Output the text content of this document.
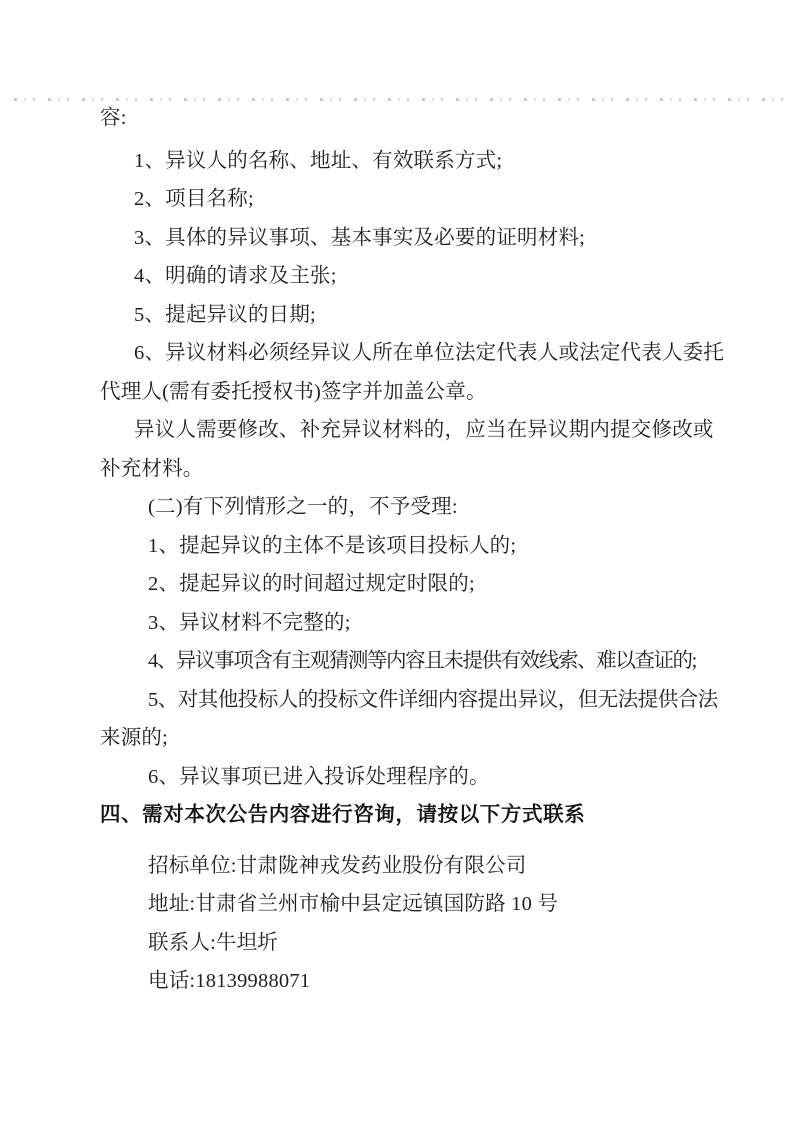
容:
1、异议人的名称、地址、有效联系方式;
2、项目名称;
3、具体的异议事项、基本事实及必要的证明材料;
4、明确的请求及主张;
5、提起异议的日期;
6、异议材料必须经异议人所在单位法定代表人或法定代表人委托
代理人(需有委托授权书)签字并加盖公章。
异议人需要修改、补充异议材料的，应当在异议期内提交修改或
补充材料。
(二)有下列情形之一的，不予受理:
1、提起异议的主体不是该项目投标人的;
2、提起异议的时间超过规定时限的;
3、异议材料不完整的;
4、异议事项含有主观猜测等内容且未提供有效线索、难以查证的;
5、对其他投标人的投标文件详细内容提出异议，但无法提供合法
来源的;
6、异议事项已进入投诉处理程序的。
四、需对本次公告内容进行咨询，请按以下方式联系
招标单位:甘肃陇神戎发药业股份有限公司
地址:甘肃省兰州市榆中县定远镇国防路 10 号
联系人:牛坦圻
电话:18139988071
